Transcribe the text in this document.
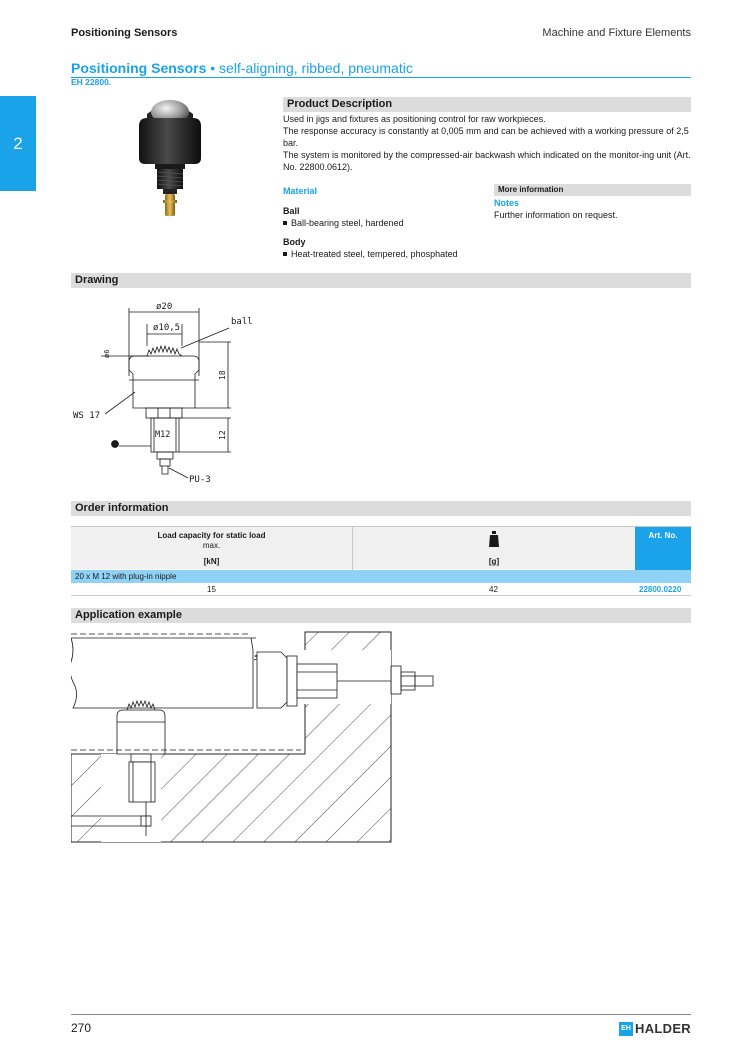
Positioning Sensors	Machine and Fixture Elements
2
Positioning Sensors • self-aligning, ribbed, pneumatic
EH 22800.
Product Description
Used in jigs and fixtures as positioning control for raw workpieces.
The response accuracy is constantly at 0,005 mm and can be achieved with a working pressure of 2,5 bar.
The system is monitored by the compressed-air backwash which indicated on the monitor-ing unit (Art. No. 22800.0612).
Material
Ball
Ball-bearing steel, hardened
Body
Heat-treated steel, tempered, phosphated
More information
Notes
Further information on request.
Drawing
ø20
ø10,5
ball
ø6
18
WS 17
M12	12
PU-3
Order information
Load capacity for static load
max.
[kN]	[g]
Art. No.
20 x M 12 with plug-in nipple
15	42	22800.0220
Application example
270	EH HALDER
